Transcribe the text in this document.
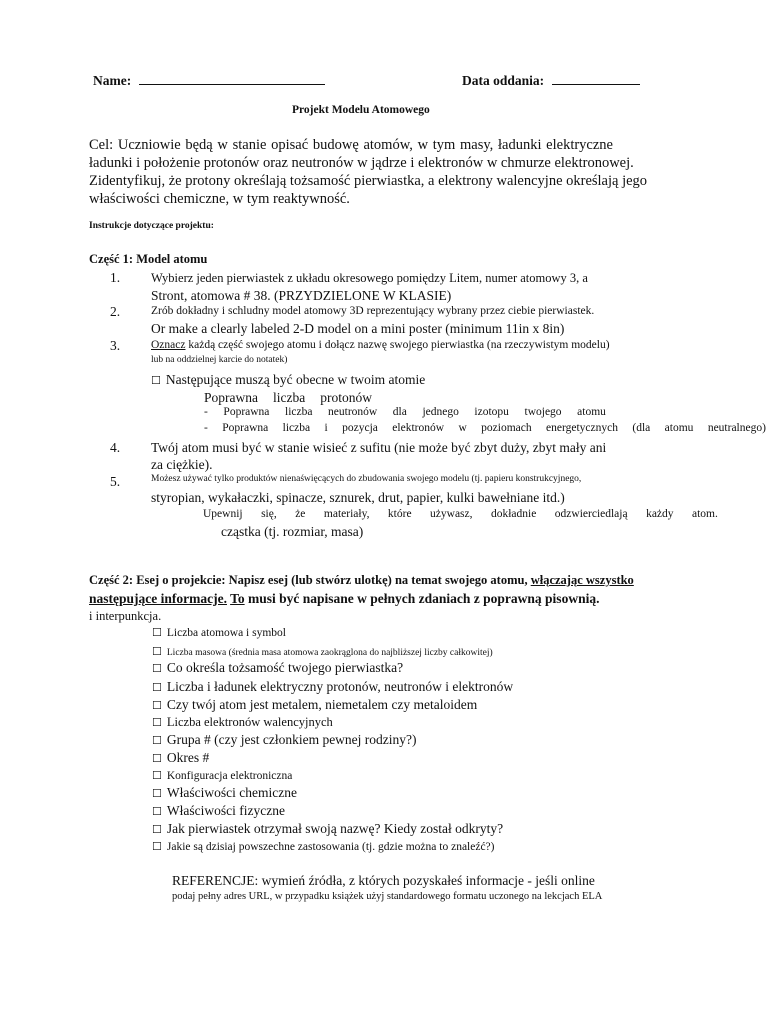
Name:	Data oddania:
Projekt Modelu Atomowego
Cel: Uczniowie będą w stanie opisać budowę atomów, w tym masy, ładunki elektryczne
ładunki i położenie protonów oraz neutronów w jądrze i elektronów w chmurze elektronowej.
Zidentyfikuj, że protony określają tożsamość pierwiastka, a elektrony walencyjne określają jego
właściwości chemiczne, w tym reaktywność.
Instrukcje dotyczące projektu:
Część 1: Model atomu
1. Wybierz jeden pierwiastek z układu okresowego pomiędzy Litem, numer atomowy 3, a
Stront, atomowa # 38. (PRZYDZIELONE W KLASIE)
2.	Zrób dokładny i schludny model atomowy 3D reprezentujący wybrany przez ciebie pierwiastek.
Or make a clearly labeled 2-D model on a mini poster (minimum 11in x 8in)
3.	Oznacz każdą część swojego atomu i dołącz nazwę swojego pierwiastka (na rzeczywistym modelu)
lub na oddzielnej karcie do notatek)
☐ Następujące muszą być obecne w twoim atomie
Poprawna liczba protonów
- Poprawna liczba neutronów dla jednego izotopu twojego atomu
- Poprawna liczba i pozycja elektronów w poziomach energetycznych (dla atomu neutralnego)
4. Twój atom musi być w stanie wisieć z sufitu (nie może być zbyt duży, zbyt mały ani
za ciężkie).
5.	Możesz używać tylko produktów nienaświęcących do zbudowania swojego modelu (tj. papieru konstrukcyjnego,
styropian, wykałaczki, spinacze, sznurek, drut, papier, kulki bawełniane itd.)
Upewnij się, że materiały, które używasz, dokładnie odzwierciedlają każdy atom.
cząstka (tj. rozmiar, masa)
Część 2: Esej o projekcie: Napisz esej (lub stwórz ulotkę) na temat swojego atomu, włączając wszystko
następujące informacje. To musi być napisane w pełnych zdaniach z poprawną pisownią.
i interpunkcja.
☐ Liczba atomowa i symbol
☐ Liczba masowa (średnia masa atomowa zaokrąglona do najbliższej liczby całkowitej)
☐ Co określa tożsamość twojego pierwiastka?
☐ Liczba i ładunek elektryczny protonów, neutronów i elektronów
☐ Czy twój atom jest metalem, niemetalem czy metaloidem
☐ Liczba elektronów walencyjnych
☐ Grupa # (czy jest członkiem pewnej rodziny?)
☐ Okres #
☐ Konfiguracja elektroniczna
☐ Właściwości chemiczne
☐ Właściwości fizyczne
☐ Jak pierwiastek otrzymał swoją nazwę? Kiedy został odkryty?
☐ Jakie są dzisiaj powszechne zastosowania (tj. gdzie można to znaleźć?)
REFERENCJE: wymień źródła, z których pozyskałeś informacje - jeśli online
podaj pełny adres URL, w przypadku książek użyj standardowego formatu uczonego na lekcjach ELA
